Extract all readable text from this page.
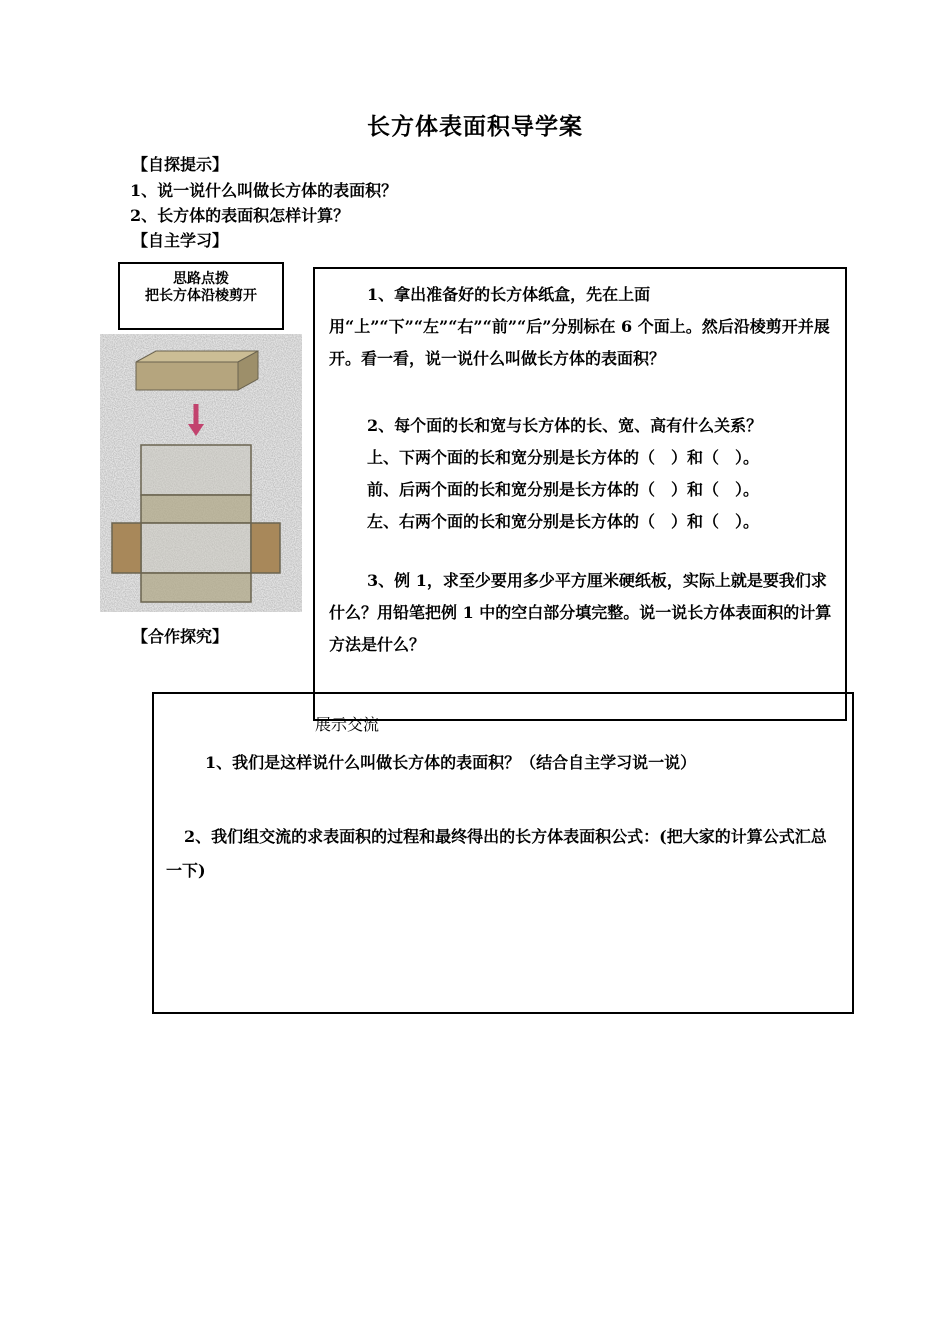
长方体表面积导学案
【自探提示】
1、说一说什么叫做长方体的表面积？
2、长方体的表面积怎样计算？
【自主学习】
思路点拨
把长方体沿棱剪开
【合作探究】
1、拿出准备好的长方体纸盒，先在上面用“上”“下”“左”“右”“前”“后”分别标在 6 个面上。然后沿棱剪开并展开。看一看，说一说什么叫做长方体的表面积？
2、每个面的长和宽与长方体的长、宽、高有什么关系？
上、下两个面的长和宽分别是长方体的（　）和（　）。
前、后两个面的长和宽分别是长方体的（　）和（　）。
左、右两个面的长和宽分别是长方体的（　）和（　）。
3、例 1，求至少要用多少平方厘米硬纸板，实际上就是要我们求什么？用铅笔把例 1 中的空白部分填完整。说一说长方体表面积的计算方法是什么？
展示交流
1、我们是这样说什么叫做长方体的表面积？（结合自主学习说一说）
2、我们组交流的求表面积的过程和最终得出的长方体表面积公式：(把大家的计算公式汇总一下)
